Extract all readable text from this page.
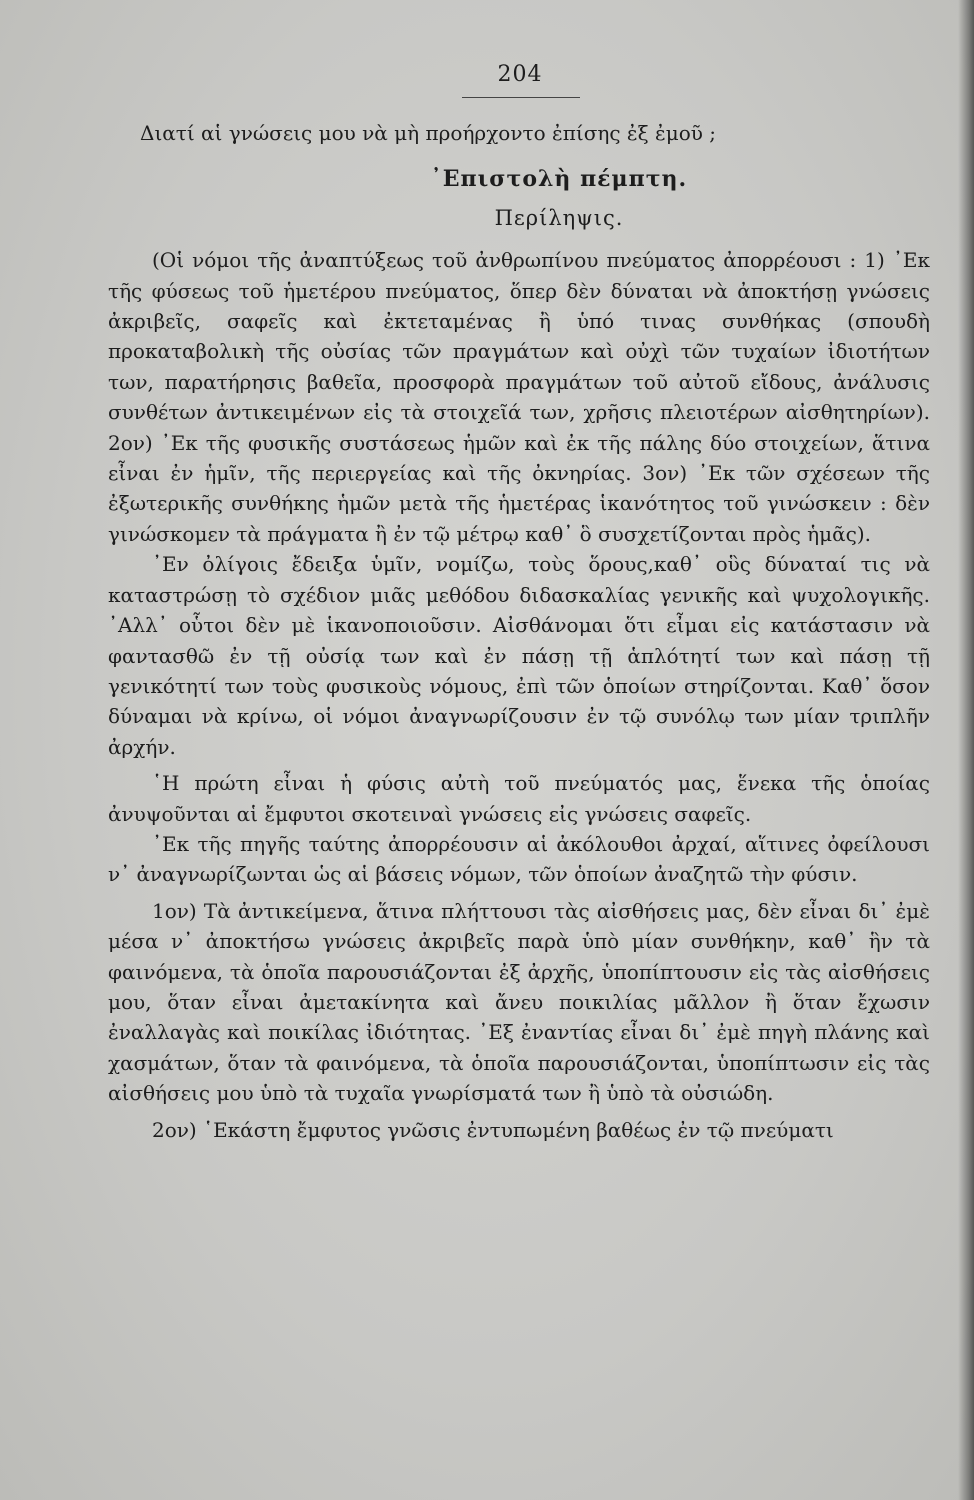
204

Διατί αἱ γνώσεις μου νὰ μὴ προήρχοντο ἐπίσης ἐξ ἐμοῦ ;

᾿Επιστολὴ πέμπτη.

Περίληψις.

(Οἱ νόμοι τῆς ἀναπτύξεως τοῦ ἀνθρωπίνου πνεύματος ἀπορρέουσι : 1) ᾿Εκ τῆς φύσεως τοῦ ἡμετέρου πνεύματος, ὅπερ δὲν δύναται νὰ ἀποκτήσῃ γνώσεις ἀκριβεῖς, σαφεῖς καὶ ἐκτεταμένας ἢ ὑπό τινας συνθήκας (σπουδὴ προκαταβολικὴ τῆς οὐσίας τῶν πραγμάτων καὶ οὐχὶ τῶν τυχαίων ἰδιοτήτων των, παρατήρησις βαθεῖα, προσφορὰ πραγμάτων τοῦ αὐτοῦ εἴδους, ἀνάλυσις συνθέτων ἀντικειμένων εἰς τὰ στοιχεῖά των, χρῆσις πλειοτέρων αἰσθητηρίων). 2ον) ᾿Εκ τῆς φυσικῆς συστάσεως ἡμῶν καὶ ἐκ τῆς πάλης δύο στοιχείων, ἅτινα εἶναι ἐν ἡμῖν, τῆς περιεργείας καὶ τῆς ὀκνηρίας. 3ον) ᾿Εκ τῶν σχέσεων τῆς ἐξωτερικῆς συνθήκης ἡμῶν μετὰ τῆς ἡμετέρας ἱκανότητος τοῦ γινώσκειν : δὲν γινώσκομεν τὰ πράγματα ἢ ἐν τῷ μέτρῳ καθ᾿ ὃ συσχετίζονται πρὸς ἡμᾶς).

᾿Εν ὀλίγοις ἔδειξα ὑμῖν, νομίζω, τοὺς ὅρους,καθ᾿ οὓς δύναταί τις νὰ καταστρώσῃ τὸ σχέδιον μιᾶς μεθόδου διδασκαλίας γενικῆς καὶ ψυχολογικῆς. ᾿Αλλ᾿ οὗτοι δὲν μὲ ἱκανοποιοῦσιν. Αἰσθάνομαι ὅτι εἶμαι εἰς κατάστασιν νὰ φαντασθῶ ἐν τῇ οὐσίᾳ των καὶ ἐν πάσῃ τῇ ἁπλότητί των καὶ πάσῃ τῇ γενικότητί των τοὺς φυσικοὺς νόμους, ἐπὶ τῶν ὁποίων στηρίζονται. Καθ᾿ ὅσον δύναμαι νὰ κρίνω, οἱ νόμοι ἀναγνωρίζουσιν ἐν τῷ συνόλῳ των μίαν τριπλῆν ἀρχήν.

῾Η πρώτη εἶναι ἡ φύσις αὐτὴ τοῦ πνεύματός μας, ἕνεκα τῆς ὁποίας ἀνυψοῦνται αἱ ἔμφυτοι σκοτειναὶ γνώσεις εἰς γνώσεις σαφεῖς.

᾿Εκ τῆς πηγῆς ταύτης ἀπορρέουσιν αἱ ἀκόλουθοι ἀρχαί, αἵτινες ὀφείλουσι ν᾿ ἀναγνωρίζωνται ὡς αἱ βάσεις νόμων, τῶν ὁποίων ἀναζητῶ τὴν φύσιν.

1ον) Τὰ ἀντικείμενα, ἅτινα πλήττουσι τὰς αἰσθήσεις μας, δὲν εἶναι δι᾿ ἐμὲ μέσα ν᾿ ἀποκτήσω γνώσεις ἀκριβεῖς παρὰ ὑπὸ μίαν συνθήκην, καθ᾿ ἣν τὰ φαινόμενα, τὰ ὁποῖα παρουσιάζονται ἐξ ἀρχῆς, ὑποπίπτουσιν εἰς τὰς αἰσθήσεις μου, ὅταν εἶναι ἀμετακίνητα καὶ ἄνευ ποικιλίας μᾶλλον ἢ ὅταν ἔχωσιν ἐναλλαγὰς καὶ ποικίλας ἰδιότητας. ᾿Εξ ἐναντίας εἶναι δι᾿ ἐμὲ πηγὴ πλάνης καὶ χασμάτων, ὅταν τὰ φαινόμενα, τὰ ὁποῖα παρουσιάζονται, ὑποπίπτωσιν εἰς τὰς αἰσθήσεις μου ὑπὸ τὰ τυχαῖα γνωρίσματά των ἢ ὑπὸ τὰ οὐσιώδη.

2ον) ῾Εκάστη ἔμφυτος γνῶσις ἐντυπωμένη βαθέως ἐν τῷ πνεύματι
